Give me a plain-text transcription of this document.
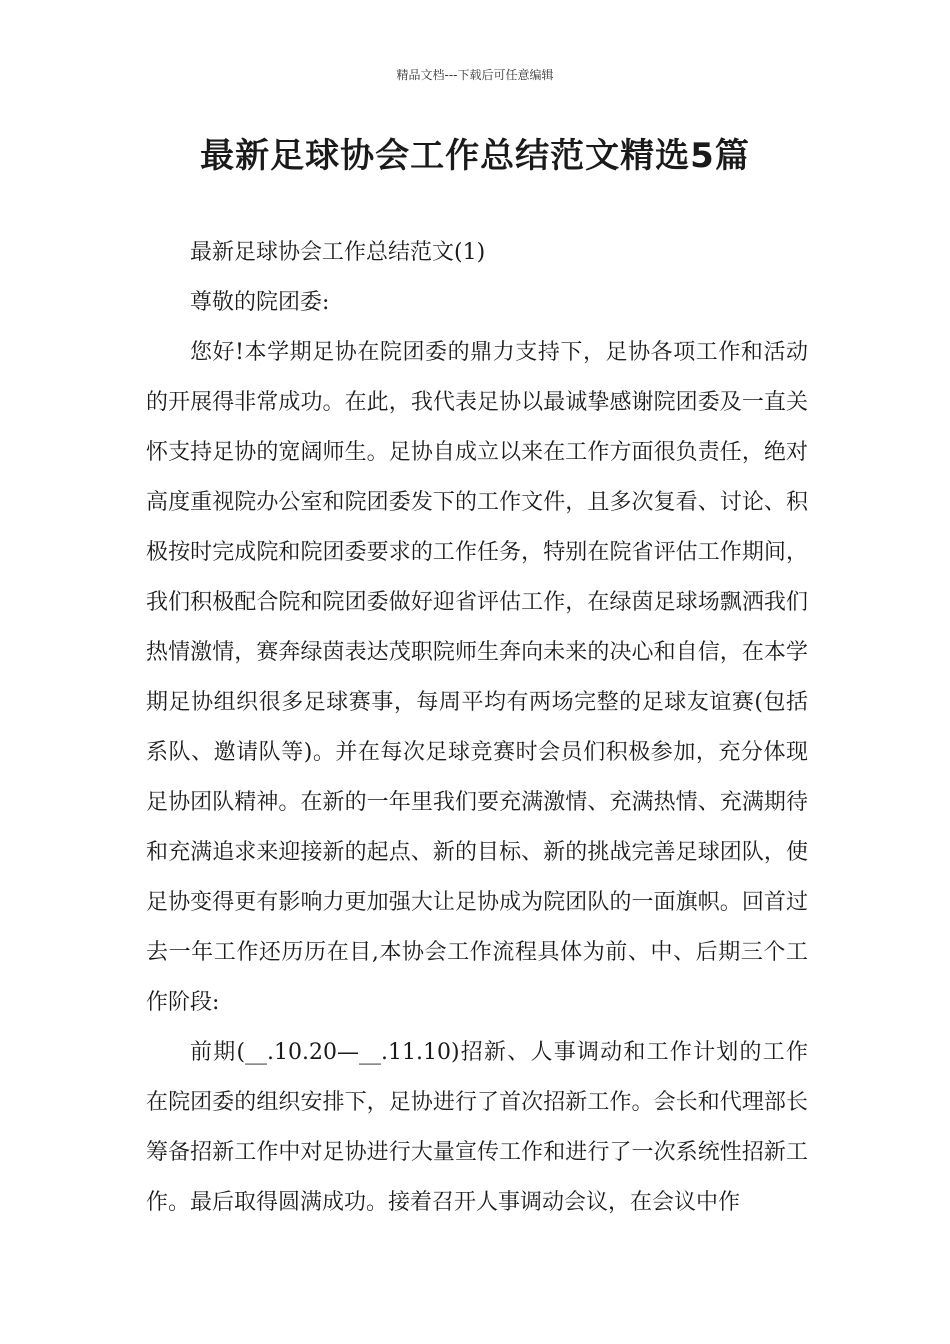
精品文档---下载后可任意编辑
最新足球协会工作总结范文精选5篇

最新足球协会工作总结范文(1)

尊敬的院团委:

您好!本学期足协在院团委的鼎力支持下，足协各项工作和活动的开展得非常成功。在此，我代表足协以最诚挚感谢院团委及一直关怀支持足协的宽阔师生。足协自成立以来在工作方面很负责任，绝对高度重视院办公室和院团委发下的工作文件，且多次复看、讨论、积极按时完成院和院团委要求的工作任务，特别在院省评估工作期间，我们积极配合院和院团委做好迎省评估工作，在绿茵足球场飘洒我们热情激情，赛奔绿茵表达茂职院师生奔向未来的决心和自信，在本学期足协组织很多足球赛事，每周平均有两场完整的足球友谊赛(包括系队、邀请队等)。并在每次足球竞赛时会员们积极参加，充分体现足协团队精神。在新的一年里我们要充满激情、充满热情、充满期待和充满追求来迎接新的起点、新的目标、新的挑战完善足球团队，使足协变得更有影响力更加强大让足协成为院团队的一面旗帜。回首过去一年工作还历历在目,本协会工作流程具体为前、中、后期三个工作阶段:

前期(__.10.20—__.11.10)招新、人事调动和工作计划的工作在院团委的组织安排下，足协进行了首次招新工作。会长和代理部长筹备招新工作中对足协进行大量宣传工作和进行了一次系统性招新工作。最后取得圆满成功。接着召开人事调动会议，在会议中作
